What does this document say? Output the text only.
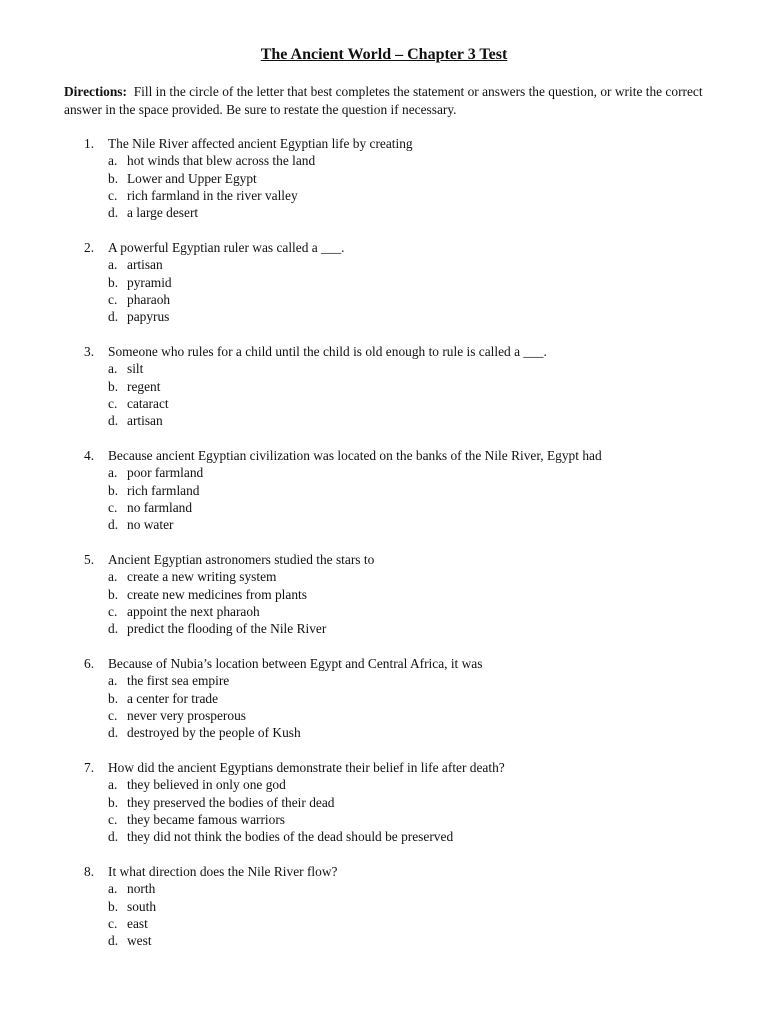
The Ancient World – Chapter 3 Test

Directions: Fill in the circle of the letter that best completes the statement or answers the question, or write the correct answer in the space provided. Be sure to restate the question if necessary.

1.	The Nile River affected ancient Egyptian life by creating
a. hot winds that blew across the land
b. Lower and Upper Egypt
c. rich farmland in the river valley
d. a large desert
2.	A powerful Egyptian ruler was called a ___.
a. artisan
b. pyramid
c. pharaoh
d. papyrus
3.	Someone who rules for a child until the child is old enough to rule is called a ___.
a. silt
b. regent
c. cataract
d. artisan
4.	Because ancient Egyptian civilization was located on the banks of the Nile River, Egypt had
a. poor farmland
b. rich farmland
c. no farmland
d. no water
5.	Ancient Egyptian astronomers studied the stars to
a. create a new writing system
b. create new medicines from plants
c. appoint the next pharaoh
d. predict the flooding of the Nile River
6.	Because of Nubia’s location between Egypt and Central Africa, it was
a. the first sea empire
b. a center for trade
c. never very prosperous
d. destroyed by the people of Kush
7.	How did the ancient Egyptians demonstrate their belief in life after death?
a. they believed in only one god
b. they preserved the bodies of their dead
c. they became famous warriors
d. they did not think the bodies of the dead should be preserved
8.	It what direction does the Nile River flow?
a. north
b. south
c. east
d. west
